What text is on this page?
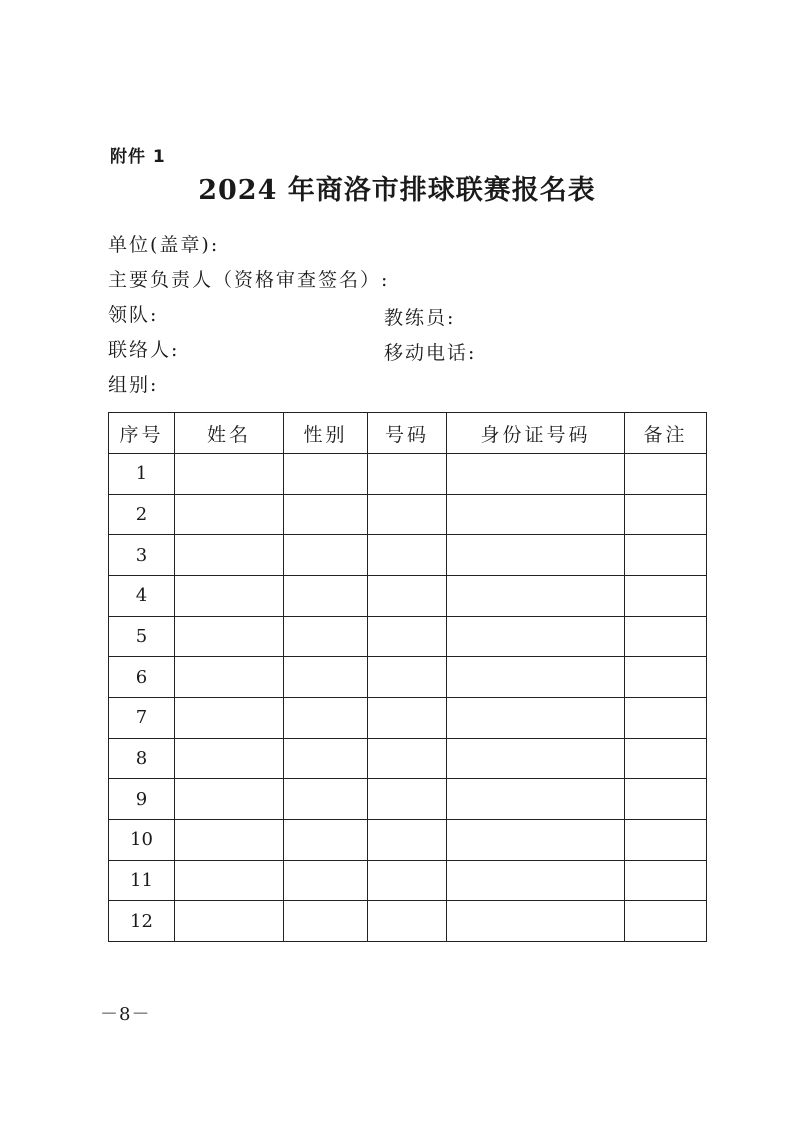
附件 1
2024 年商洛市排球联赛报名表
单位(盖章):
主要负责人（资格审查签名）:
领队:	教练员:
联络人:	移动电话:
组别:
序号	姓名	性别	号码	身份证号码	备注
1					
2					
3					
4					
5					
6					
7					
8					
9					
10					
11					
12					
－8－
